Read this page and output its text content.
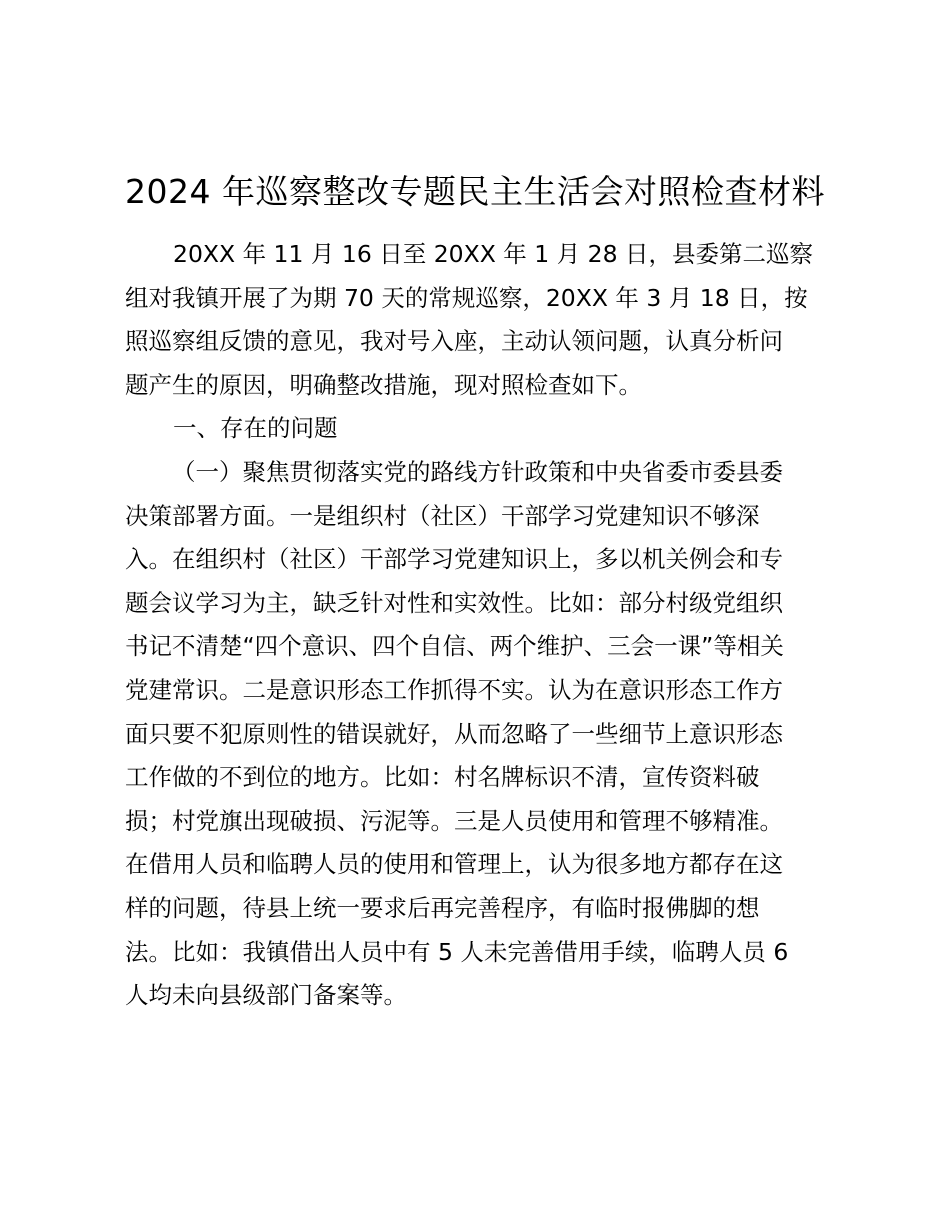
2024 年巡察整改专题民主生活会对照检查材料
20XX 年 11 月 16 日至 20XX 年 1 月 28 日，县委第二巡察
组对我镇开展了为期 70 天的常规巡察，20XX 年 3 月 18 日，按
照巡察组反馈的意见，我对号入座，主动认领问题，认真分析问
题产生的原因，明确整改措施，现对照检查如下。
一、存在的问题
（一）聚焦贯彻落实党的路线方针政策和中央省委市委县委
决策部署方面。一是组织村（社区）干部学习党建知识不够深
入。在组织村（社区）干部学习党建知识上，多以机关例会和专
题会议学习为主，缺乏针对性和实效性。比如：部分村级党组织
书记不清楚“四个意识、四个自信、两个维护、三会一课”等相关
党建常识。二是意识形态工作抓得不实。认为在意识形态工作方
面只要不犯原则性的错误就好，从而忽略了一些细节上意识形态
工作做的不到位的地方。比如：村名牌标识不清，宣传资料破
损；村党旗出现破损、污泥等。三是人员使用和管理不够精准。
在借用人员和临聘人员的使用和管理上，认为很多地方都存在这
样的问题，待县上统一要求后再完善程序，有临时报佛脚的想
法。比如：我镇借出人员中有 5 人未完善借用手续，临聘人员 6
人均未向县级部门备案等。
